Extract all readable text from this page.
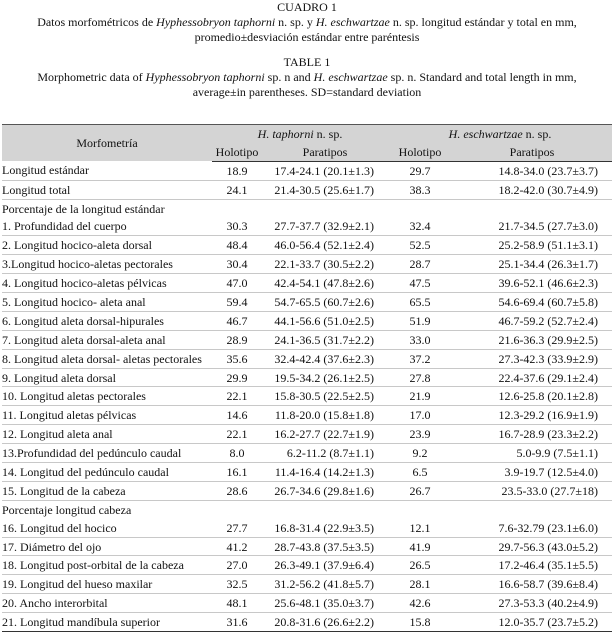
CUADRO 1
Datos morfométricos de Hyphessobryon taphorni n. sp. y H. eschwartzae n. sp. longitud estándar y total en mm,
promedio±desviación estándar entre paréntesis
TABLE 1
Morphometric data of Hyphessobryon taphorni sp. n and H. eschwartzae sp. n. Standard and total length in mm,
average±in parentheses. SD=standard deviation
Morfometría	H. taphorni n. sp.		H. eschwartzae n. sp.	
	Holotipo	Paratipos	Holotipo	Paratipos
Longitud estándar	18.9	17.4-24.1 (20.1±1.3)	29.7	14.8-34.0 (23.7±3.7)
Longitud total	24.1	21.4-30.5 (25.6±1.7)	38.3	18.2-42.0 (30.7±4.9)
Porcentaje de la longitud estándar				
1. Profundidad del cuerpo	30.3	27.7-37.7 (32.9±2.1)	32.4	21.7-34.5 (27.7±3.0)
2. Longitud hocico-aleta dorsal	48.4	46.0-56.4 (52.1±2.4)	52.5	25.2-58.9 (51.1±3.1)
3.Longitud hocico-aletas pectorales	30.4	22.1-33.7 (30.5±2.2)	28.7	25.1-34.4 (26.3±1.7)
4. Longitud hocico-aletas pélvicas	47.0	42.4-54.1 (47.8±2.6)	47.5	39.6-52.1 (46.6±2.3)
5. Longitud hocico- aleta anal	59.4	54.7-65.5 (60.7±2.6)	65.5	54.6-69.4 (60.7±5.8)
6. Longitud aleta dorsal-hipurales	46.7	44.1-56.6 (51.0±2.5)	51.9	46.7-59.2 (52.7±2.4)
7. Longitud aleta dorsal-aleta anal	28.9	24.1-36.5 (31.7±2.2)	33.0	21.6-36.3 (29.9±2.5)
8. Longitud aleta dorsal- aletas pectorales	35.6	32.4-42.4 (37.6±2.3)	37.2	27.3-42.3 (33.9±2.9)
9. Longitud aleta dorsal	29.9	19.5-34.2 (26.1±2.5)	27.8	22.4-37.6 (29.1±2.4)
10. Longitud aletas pectorales	22.1	15.8-30.5 (22.5±2.5)	21.9	12.6-25.8 (20.1±2.8)
11. Longitud aletas pélvicas	14.6	11.8-20.0 (15.8±1.8)	17.0	12.3-29.2 (16.9±1.9)
12. Longitud aleta anal	22.1	16.2-27.7 (22.7±1.9)	23.9	16.7-28.9 (23.3±2.2)
13.Profundidad del pedúnculo caudal	8.0	6.2-11.2 (8.7±1.1)	9.2	5.0-9.9 (7.5±1.1)
14. Longitud del pedúnculo caudal	16.1	11.4-16.4 (14.2±1.3)	6.5	3.9-19.7 (12.5±4.0)
15. Longitud de la cabeza	28.6	26.7-34.6 (29.8±1.6)	26.7	23.5-33.0 (27.7±18)
Porcentaje longitud cabeza				
16. Longitud del hocico	27.7	16.8-31.4 (22.9±3.5)	12.1	7.6-32.79 (23.1±6.0)
17. Diámetro del ojo	41.2	28.7-43.8 (37.5±3.5)	41.9	29.7-56.3 (43.0±5.2)
18. Longitud post-orbital de la cabeza	27.0	26.3-49.1 (37.9±6.4)	26.5	17.2-46.4 (35.1±5.5)
19. Longitud del hueso maxilar	32.5	31.2-56.2 (41.8±5.7)	28.1	16.6-58.7 (39.6±8.4)
20. Ancho interorbital	48.1	25.6-48.1 (35.0±3.7)	42.6	27.3-53.3 (40.2±4.9)
21. Longitud mandíbula superior	31.6	20.8-31.6 (26.6±2.2)	15.8	12.0-35.7 (23.7±5.2)
